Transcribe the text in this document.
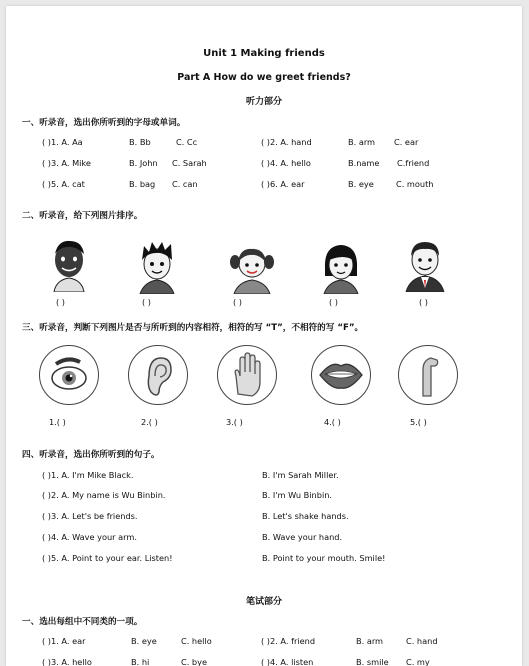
Unit 1 Making friends
Part A How do we greet friends?
听力部分
一、听录音，选出你所听到的字母或单词。
( )1. A. Aa	B. Bb	C. Cc	( )2. A. hand	B. arm C. ear
( )3. A. Mike	B. John C. Sarah	( )4. A. hello	B.name C.friend
( )5. A. cat	B. bag C. can	( )6. A. ear	B. eye	C. mouth
二、听录音，给下列图片排序。
( )	( )	( )	( )	( )
三、听录音，判断下列图片是否与所听到的内容相符，相符的写 “T”，不相符的写 “F”。
1.( )	2.( )	3.( )	4.( )	5.( )
四、听录音，选出你所听到的句子。
( )1. A. I'm Mike Black.	B. I'm Sarah Miller.
( )2. A. My name is Wu Binbin.	B. I'm Wu Binbin.
( )3. A. Let's be friends.	B. Let's shake hands.
( )4. A. Wave your arm.	B. Wave your hand.
( )5. A. Point to your ear. Listen!	B. Point to your mouth. Smile!
笔试部分
一、选出每组中不同类的一项。
( )1. A. ear	B. eye	C. hello	( )2. A. friend	B. arm	C. hand
( )3. A. hello	B. hi	C. bye	( )4. A. listen	B. smile C. my
